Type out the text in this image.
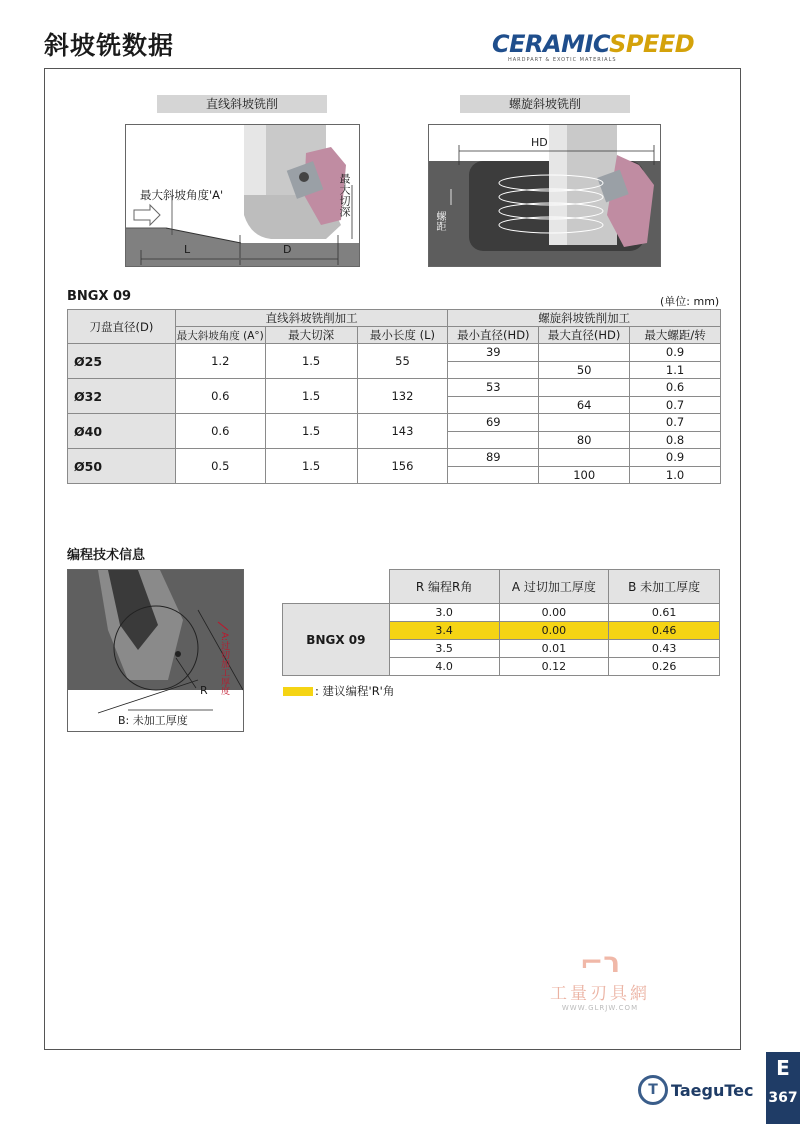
斜坡铣数据	CERAMICSPEED
HARDPART & EXOTIC MATERIALS
直线斜坡铣削	螺旋斜坡铣削
最大斜坡角度'A'	最大切深
L	D
HD
螺距
BNGX 09	(单位: mm)
刀盘直径(D)	直线斜坡铣削加工			螺旋斜坡铣削加工		
	最大斜坡角度 (A°)	最大切深	最小长度 (L)	最小直径(HD)	最大直径(HD)	最大螺距/转
Ø25	1.2	1.5	55	39		0.9
					50	1.1
Ø32	0.6	1.5	132	53		0.6
					64	0.7
Ø40	0.6	1.5	143	69		0.7
					80	0.8
Ø50	0.5	1.5	156	89		0.9
					100	1.0
编程技术信息
A:过切加工厚度
B: 未加工厚度
R
	R 编程R角	A 过切加工厚度	B 未加工厚度
BNGX 09	3.0	0.00	0.61
	3.4	0.00	0.46
	3.5	0.01	0.43
	4.0	0.12	0.26
: 建议编程'R'角
⌐ר
工量刃具網
WWW.GLRJW.COM
T TaeguTec
E
367
